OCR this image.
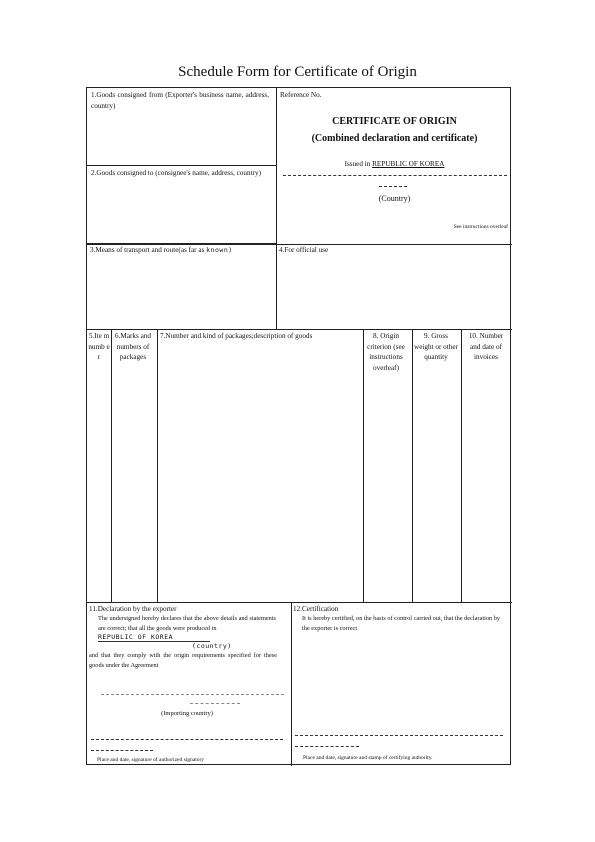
Schedule Form for Certificate of Origin
1.Goods consigned from (Exporter's business name, address, country)
2.Goods consigned to (consignee's name, address, country)
Reference No.
CERTIFICATE OF ORIGIN
(Combined declaration and certificate)
Issued in REPUBLIC OF KOREA
(Country)
See instructions overleaf
3.Means of transport and route(as far as known)	4.For official use
5.Ite m numb er
6.Marks and numbers of packages
7.Number and kind of packages;description of goods	8. Origin criterion (see instructions overleaf)
9. Gross weight or other quantity
10. Number and date of invoices
11.Declaration by the exporter
The undersigned hereby declares that the above details and statements are correct; that all the goods were produced in
REPUBLIC OF KOREA
(country)
and that they comply with the origin requirements specified for these goods under the Agreement
(Importing country)
Place and date, signature of authorized signatory
12.Certification
It is hereby certified, on the basis of control carried out, that the declaration by the exporter is correct
Place and date, signature and stamp of certifying authority.
